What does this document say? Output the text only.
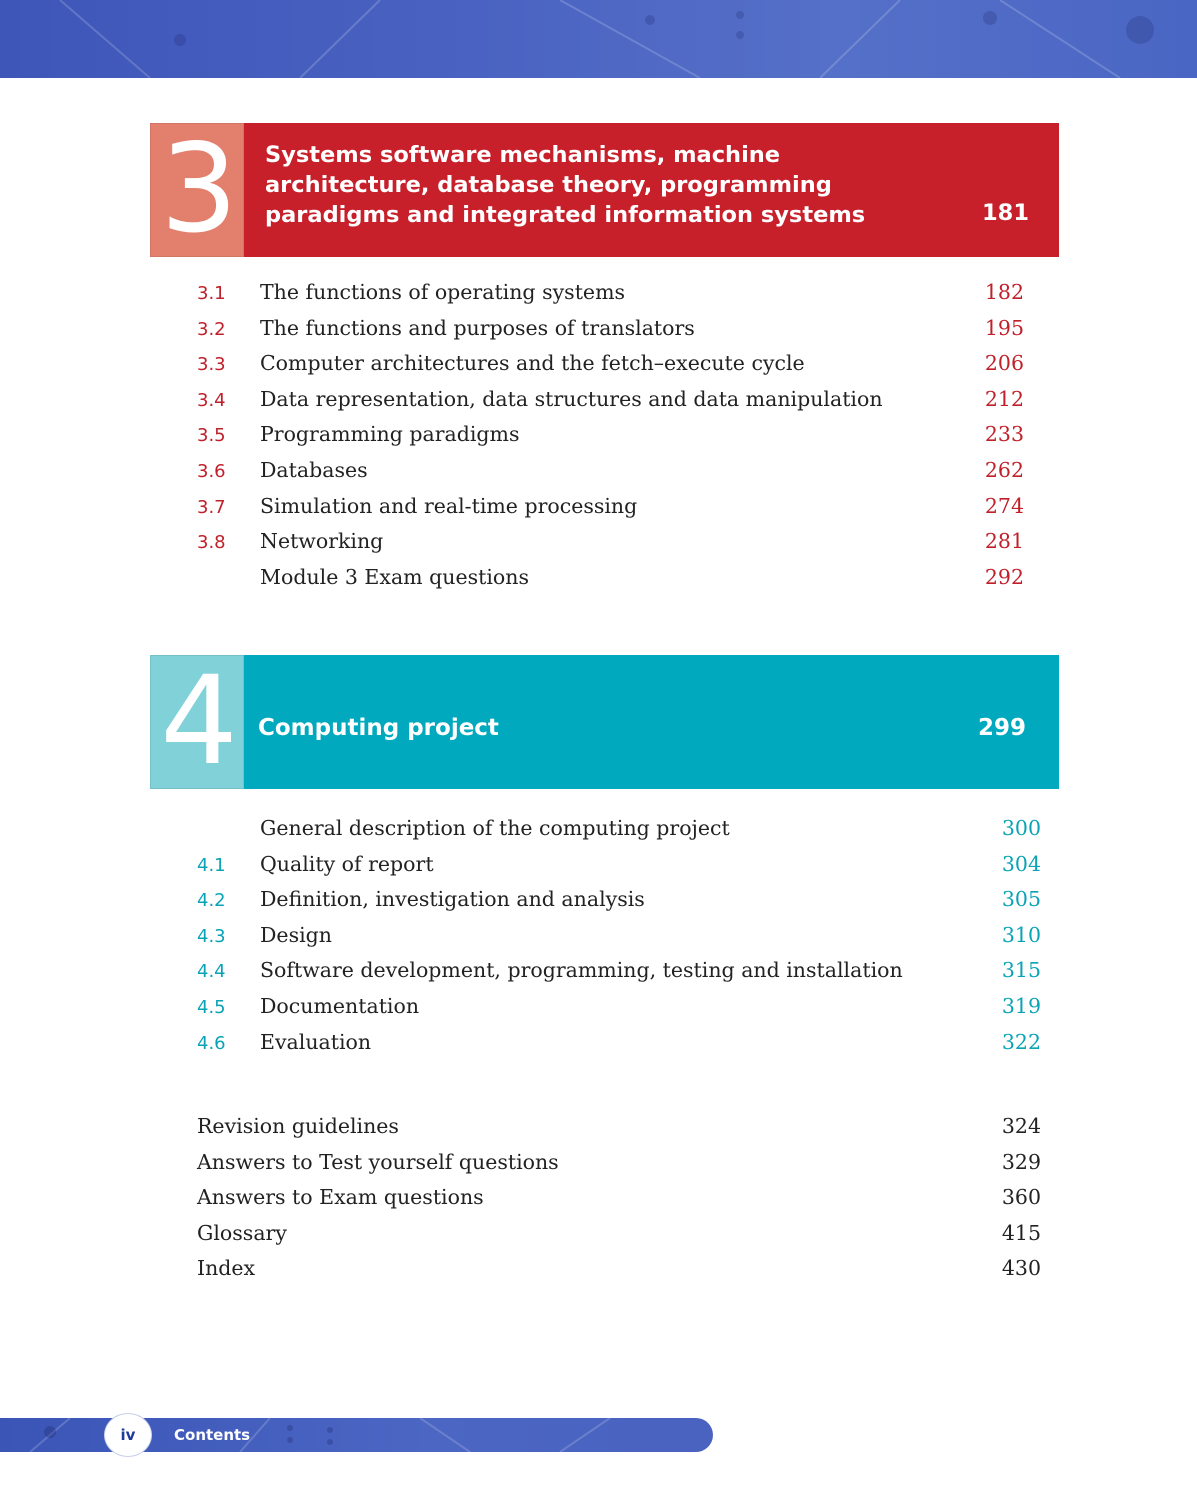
3	Systems software mechanisms, machine architecture, database theory, programming paradigms and integrated information systems	181
3.1 The functions of operating systems	182
3.2 The functions and purposes of translators	195
3.3 Computer architectures and the fetch–execute cycle	206
3.4 Data representation, data structures and data manipulation	212
3.5 Programming paradigms	233
3.6 Databases	262
3.7 Simulation and real-time processing	274
3.8 Networking	281
Module 3 Exam questions	292
4	Computing project	299
General description of the computing project	300
4.1 Quality of report	304
4.2 Definition, investigation and analysis	305
4.3 Design	310
4.4 Software development, programming, testing and installation	315
4.5 Documentation	319
4.6 Evaluation	322
Revision guidelines	324
Answers to Test yourself questions	329
Answers to Exam questions	360
Glossary	415
Index	430
iv	Contents
